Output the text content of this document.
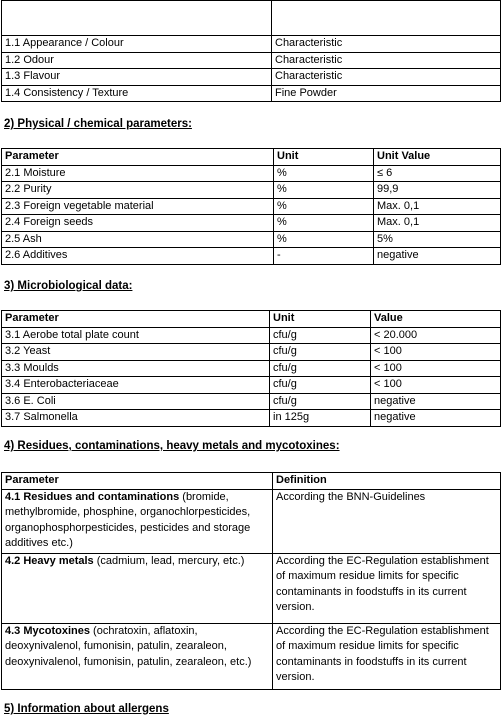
1.1 Appearance / Colour	Characteristic
1.2 Odour	Characteristic
1.3 Flavour	Characteristic
1.4 Consistency / Texture	Fine Powder
2) Physical / chemical parameters:
Parameter	Unit	Unit Value
2.1 Moisture	%	≤ 6
2.2 Purity	%	99,9
2.3 Foreign vegetable material	%	Max. 0,1
2.4 Foreign seeds	%	Max. 0,1
2.5 Ash	%	5%
2.6 Additives	-	negative
3) Microbiological data:
Parameter	Unit	Value
3.1 Aerobe total plate count	cfu/g	< 20.000
3.2 Yeast	cfu/g	< 100
3.3 Moulds	cfu/g	< 100
3.4 Enterobacteriaceae	cfu/g	< 100
3.6 E. Coli	cfu/g	negative
3.7 Salmonella	in 125g	negative
4) Residues, contaminations, heavy metals and mycotoxines:
Parameter	Definition
4.1 Residues and contaminations (bromide, methylbromide, phosphine, organochlorpesticides, organophosphorpesticides, pesticides and storage additives etc.)	According the BNN-Guidelines
4.2 Heavy metals (cadmium, lead, mercury, etc.)	According the EC-Regulation establishment of maximum residue limits for specific contaminants in foodstuffs in its current version.
4.3 Mycotoxines (ochratoxin, aflatoxin, deoxynivalenol, fumonisin, patulin, zearaleon, deoxynivalenol, fumonisin, patulin, zearaleon, etc.)	According the EC-Regulation establishment of maximum residue limits for specific contaminants in foodstuffs in its current version.
5) Information about allergens
